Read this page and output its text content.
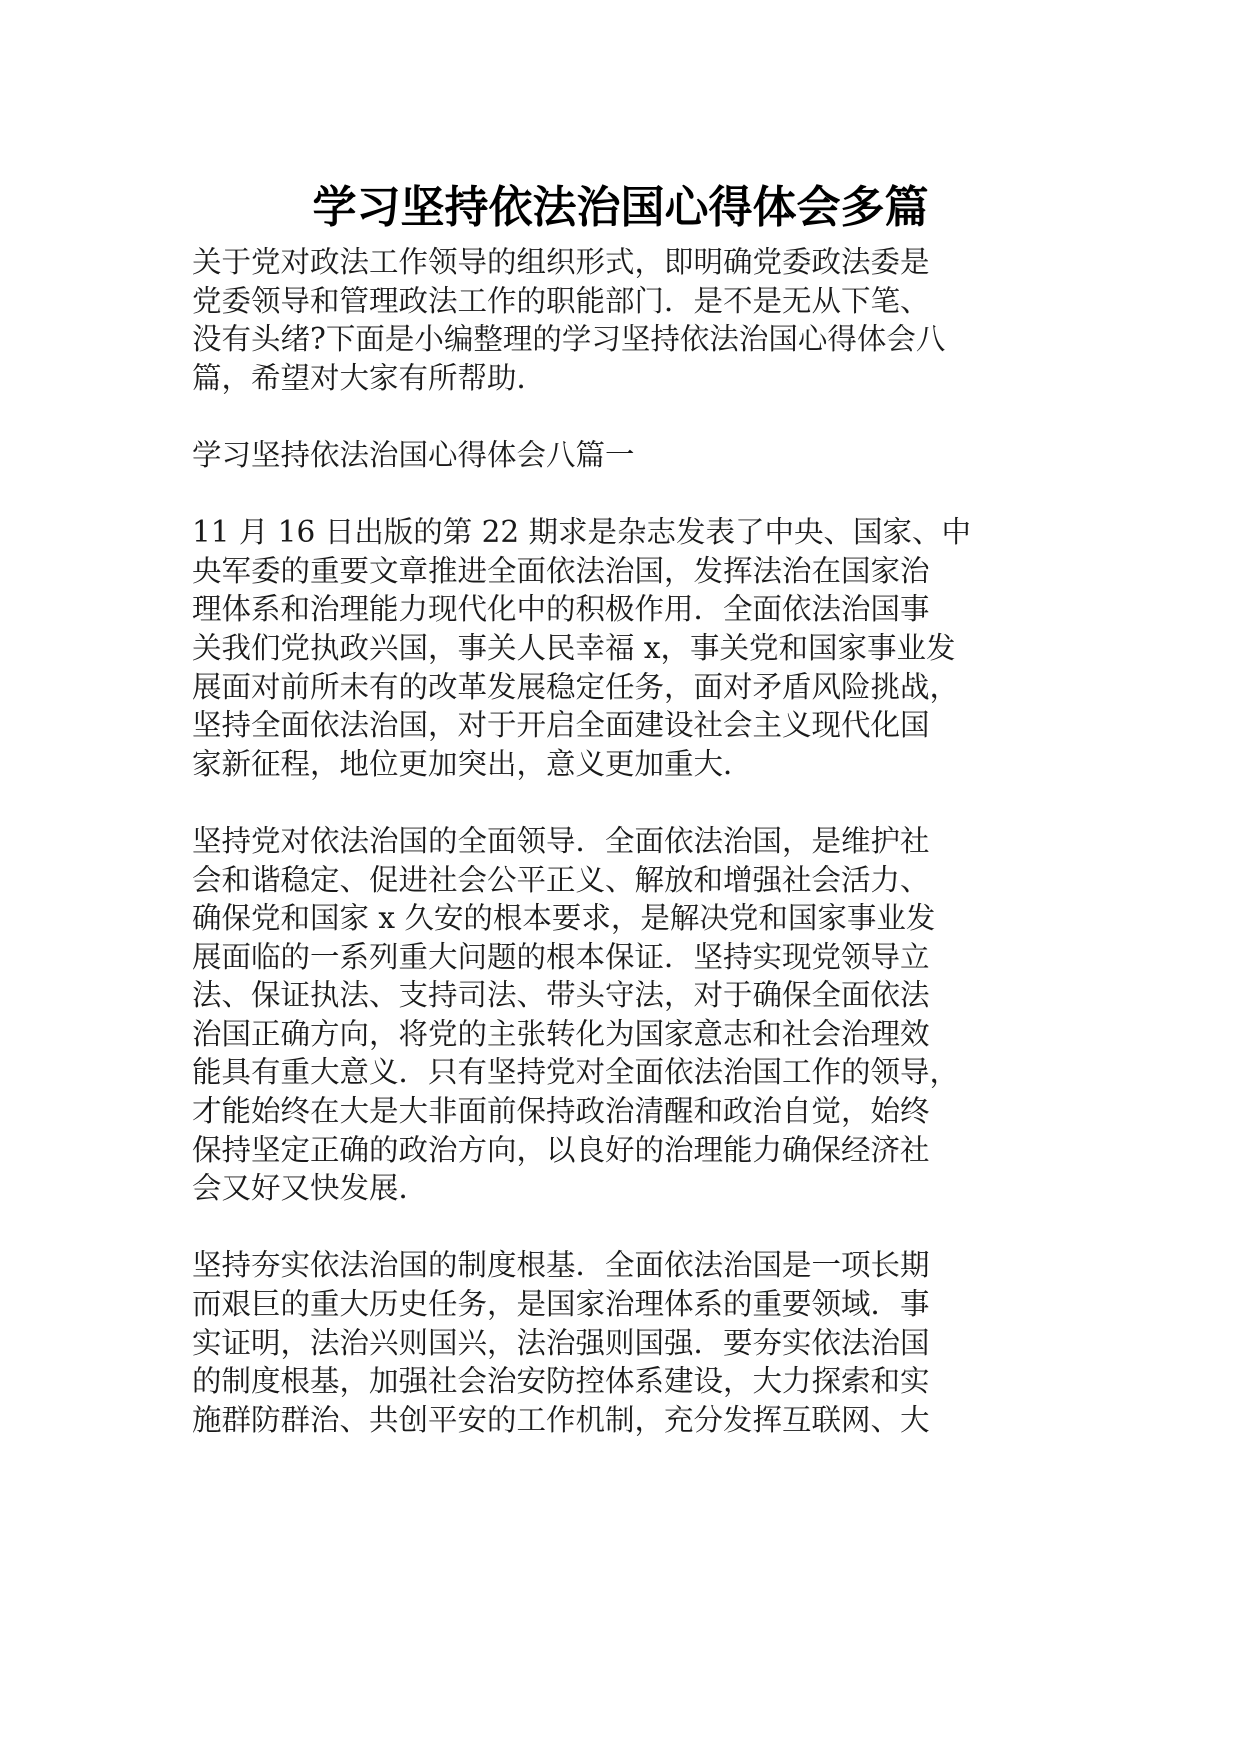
学习坚持依法治国心得体会多篇

关于党对政法工作领导的组织形式，即明确党委政法委是
党委领导和管理政法工作的职能部门．是不是无从下笔、
没有头绪?下面是小编整理的学习坚持依法治国心得体会八
篇，希望对大家有所帮助．

学习坚持依法治国心得体会八篇一

11 月 16 日出版的第 22 期求是杂志发表了中央、国家、中
央军委的重要文章推进全面依法治国，发挥法治在国家治
理体系和治理能力现代化中的积极作用．全面依法治国事
关我们党执政兴国，事关人民幸福 x，事关党和国家事业发
展面对前所未有的改革发展稳定任务，面对矛盾风险挑战，
坚持全面依法治国，对于开启全面建设社会主义现代化国
家新征程，地位更加突出，意义更加重大．

坚持党对依法治国的全面领导．全面依法治国，是维护社
会和谐稳定、促进社会公平正义、解放和增强社会活力、
确保党和国家 x 久安的根本要求，是解决党和国家事业发
展面临的一系列重大问题的根本保证．坚持实现党领导立
法、保证执法、支持司法、带头守法，对于确保全面依法
治国正确方向，将党的主张转化为国家意志和社会治理效
能具有重大意义．只有坚持党对全面依法治国工作的领导，
才能始终在大是大非面前保持政治清醒和政治自觉，始终
保持坚定正确的政治方向，以良好的治理能力确保经济社
会又好又快发展．

坚持夯实依法治国的制度根基．全面依法治国是一项长期
而艰巨的重大历史任务，是国家治理体系的重要领域．事
实证明，法治兴则国兴，法治强则国强．要夯实依法治国
的制度根基，加强社会治安防控体系建设，大力探索和实
施群防群治、共创平安的工作机制，充分发挥互联网、大
